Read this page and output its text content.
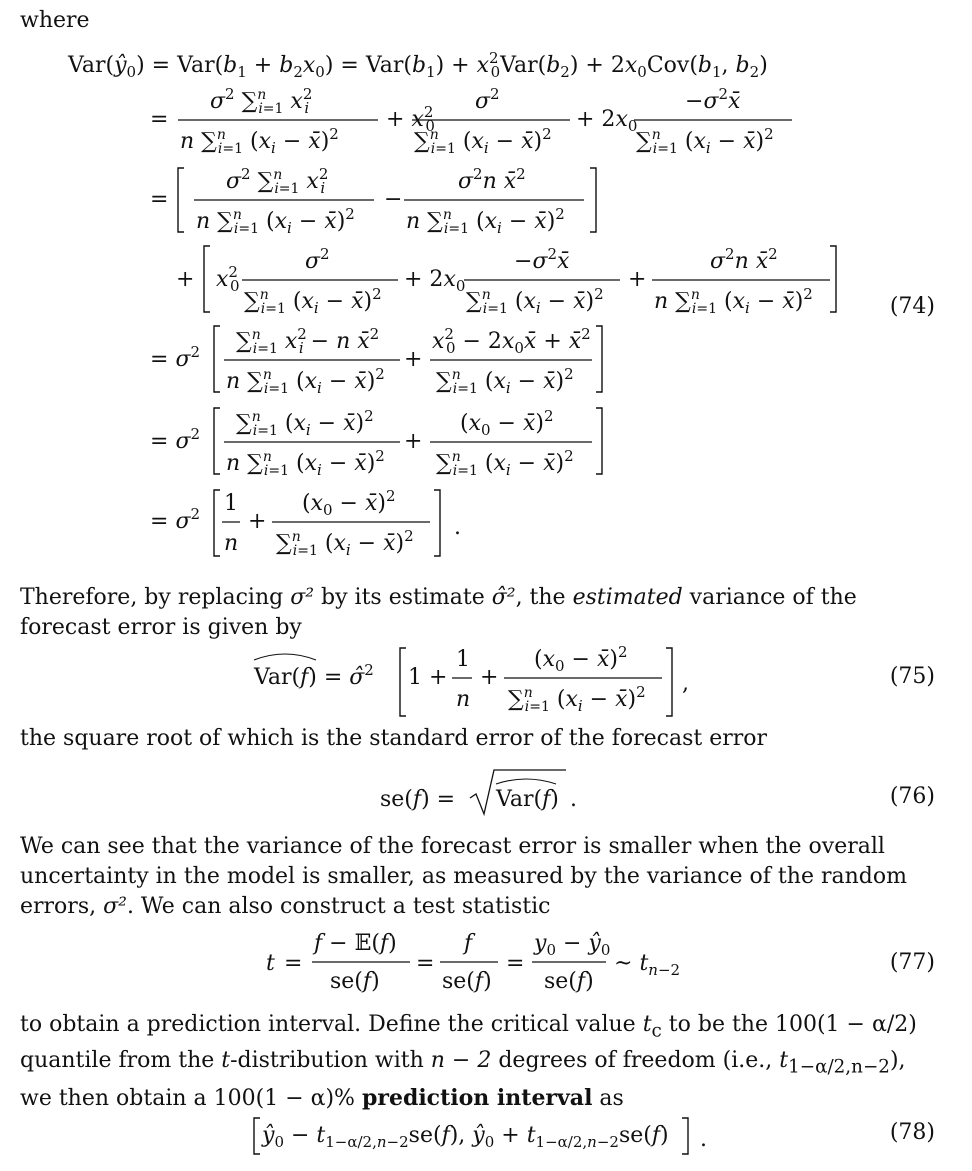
where

$Var(ŷ_0) = Var(b_1 + b_2x_0) = Var(b_1) + x^2$ $0Var(b_2) + 2x_0Cov(b_1$, $b_2$)
=
$\sigma^2$ ∑$^n$ i=1 $x^2$ i
n ∑$^n$ i=1 ($x_i$ − x̄)$^2$
+ $x^2$ 0
$\sigma^2$
∑$^n$ i=1 ($x_i$ − x̄)$^2$
+ $2x_0$
$-\sigma^2x̄$
∑$^n$ i=1 ($x_i$ − x̄)$^2$
=
$\sigma^2$ ∑$^n$ i=1 $x^2$ i
n ∑$^n$ i=1 ($x_i$ − x̄)$^2$
−
$\sigma^2n$ x̄$^2$
n ∑$^n$ i=1 ($x_i$ − x̄)$^2$
+ $x^2$ 0
$\sigma^2$
∑$^n$ i=1 ($x_i$ − x̄)$^2$
+ $2x_0$
$-\sigma^2x̄$
∑$^n$ i=1 ($x_i$ − x̄)$^2$
+
$\sigma^2n$ x̄$^2$
n ∑$^n$ i=1 ($x_i$ − x̄)$^2$
= $\sigma^2$ ∑$^n$ i=1 $x^2$ i − n x̄$^2$
n ∑$^n$ i=1 ($x_i$ − x̄)$^2$
+
$x^2$ $0 - 2x_0x̄$ + x̄$^2$
∑$^n$ i=1 ($x_i$ − x̄)$^2$
= $\sigma^2$ ∑$^n$ i=1 ($x_i$ − x̄)$^2$
n ∑$^n$ i=1 ($x_i$ − x̄)$^2$
+
($x_0$ − x̄)$^2$
∑$^n$ i=1 ($x_i$ − x̄)$^2$
= $\sigma^2$ 1
n
+
($x_0$ − x̄)$^2$
∑$^n$ i=1 ($x_i$ − x̄)$^2$ .
(74)

Therefore, by replacing σ² by its estimate σ̂², the estimated variance of the forecast error is given by

Var(f) = σ̂$^2$ 1 +
1
n
+
($x_0$ − x̄)$^2$
∑$^n$ i=1 ($x_i$ − x̄)$^2$ ,	(75)

the square root of which is the standard error of the forecast error

se(f) = Var(f) .	(76)

We can see that the variance of the forecast error is smaller when the overall uncertainty in the model is smaller, as measured by the variance of the random errors, σ². We can also construct a test statistic

t =
f − 𝔼(f)
se(f)
=
f
se(f)
=
$y_0$ − $ŷ_0$
se(f)
~ $t_{n-2}$	(77)

to obtain a prediction interval. Define the critical value $t_c$ to be the 100(1 − α/2) quantile from the t-distribution with n − 2 degrees of freedom (i.e., $t_{1-\alpha/2,n-2}$), we then obtain a 100(1 − α)% prediction interval as

$ŷ_0 - t_{1-\alpha/2,n-2}se(f)$, $ŷ_0 + t_{1-\alpha/2,n-2}se(f)$ .	(78)
